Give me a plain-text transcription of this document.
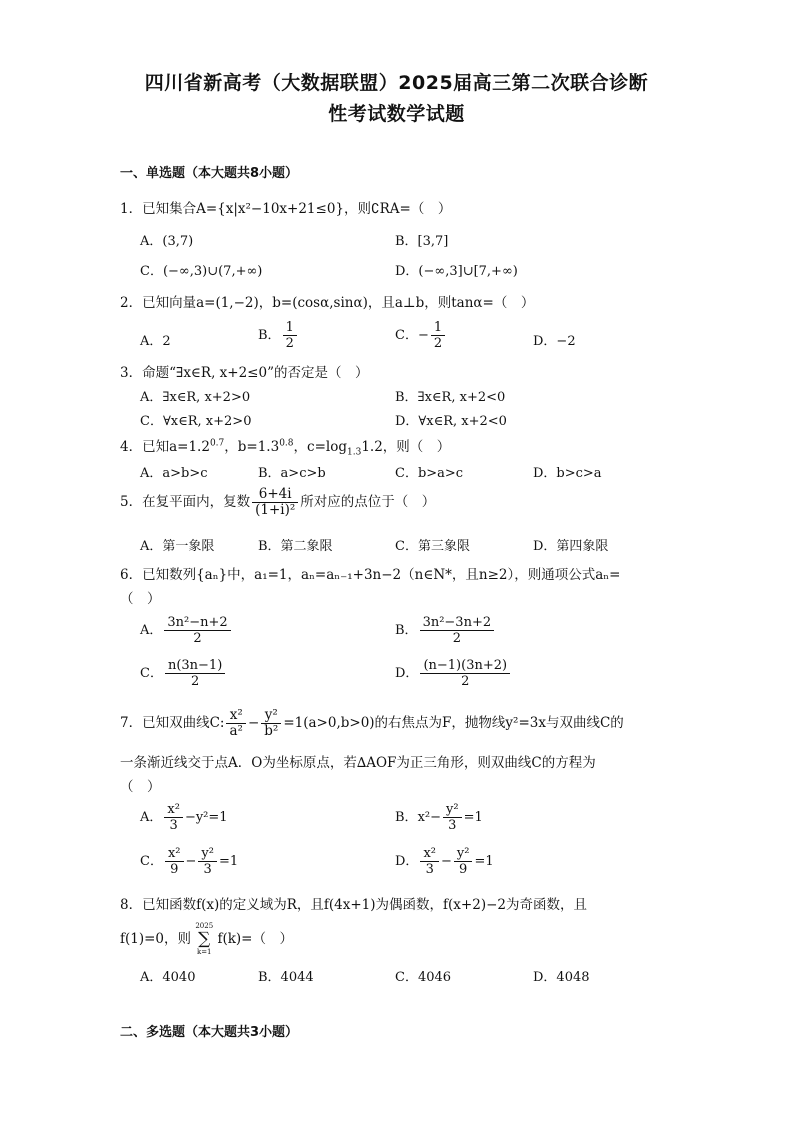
四川省新高考（大数据联盟）2025届高三第二次联合诊断
性考试数学试题
一、单选题（本大题共8小题）
1．已知集合A={x|x²−10x+21≤0}，则∁RA=（　）
A．(3,7)	B．[3,7]
C．(−∞,3)∪(7,+∞)	D．(−∞,3]∪[7,+∞)
2．已知向量a=(1,−2)，b=(cosα,sinα)，且a⊥b，则tanα=（　）
A．2	B． $\frac{1}{2}$	C．− $\frac{1}{2}$	D．−2
3．命题“∃x∈R, x+2≤0”的否定是（　）
A．∃x∈R, x+2>0	B．∃x∈R, x+2<0
C．∀x∈R, x+2>0	D．∀x∈R, x+2<0
4．已知$a=1.2^{0.7}$，$b=1.3^{0.8}$，$c=\log_{1.3}1.2$，则（　）
A．a>b>c	B．a>c>b	C．b>a>c	D．b>c>a
5．在复平面内，复数 $\frac{6+4i}{\text{(1+i)²}}$ 所对应的点位于（　）
A．第一象限	B．第二象限	C．第三象限	D．第四象限
6．已知数列{aₙ}中，a₁=1，aₙ=aₙ₋₁+3n−2（n∈N*，且n≥2），则通项公式aₙ=
（　）
A． $\frac{\text{3n²−n+2}}{2}$	B． $\frac{\text{3n²−3n+2}}{2}$
C． $\frac{n(3n-1)}{2}$	D． $\frac{(n-1)(3n+2)}{2}$
7．已知双曲线C: $\frac{\text{x²}}{\text{a²}} - \frac{\text{y²}}{\text{b²}} =1(a>0,b>0)$的右焦点为F，抛物线y²=3x与双曲线C的
一条渐近线交于点A．O为坐标原点，若∆AOF为正三角形，则双曲线C的方程为
（　）
A． $\frac{\text{x²}}{3} -y^2=1$	B．$x^2- \frac{\text{y²}}{3} =1$
C． $\frac{\text{x²}}{9} - \frac{\text{y²}}{3} =1$	D． $\frac{\text{x²}}{3} - \frac{\text{y²}}{9} =1$
8．已知函数f(x)的定义域为R，且f(4x+1)为偶函数，f(x+2)−2为奇函数，且
f(1)=0，则
2025
∑
k=1
f(k)=（　）
A．4040	B．4044	C．4046	D．4048
二、多选题（本大题共3小题）
